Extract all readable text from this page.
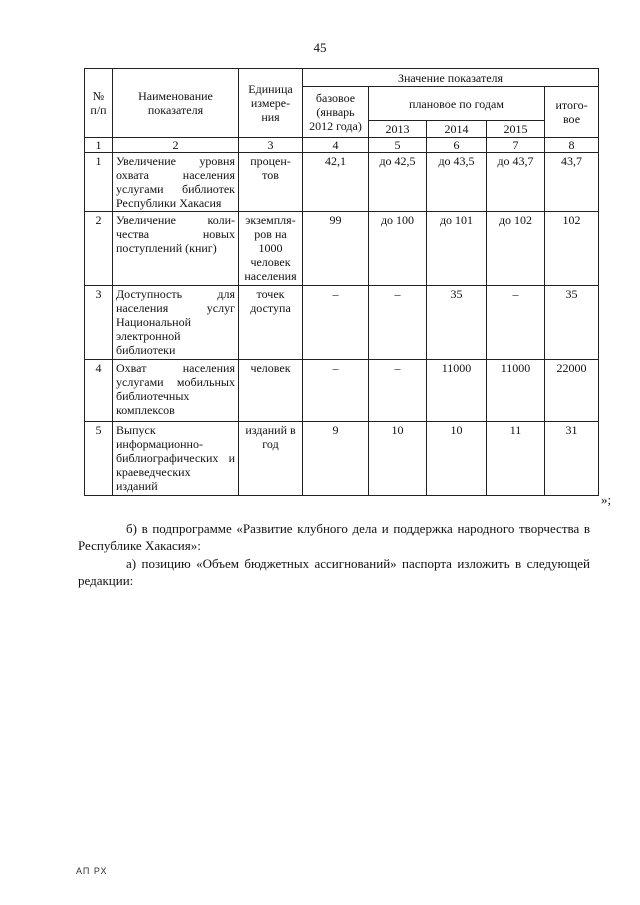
45
№ п/п	Наименование показателя	Единица измере-ния	Значение показателя				
			базовое (январь 2012 года)	плановое по годам			итого-вое
				2013	2014	2015	
1	2	3	4	5	6	7	8
1	Увеличение уровня охвата населения услугами библиотек Республики Хакасия	процен-тов	42,1	до 42,5	до 43,5	до 43,7	43,7
2	Увеличение коли-чества новых поступлений (книг)	экземпля-ров на 1000 человек населения	99	до 100	до 101	до 102	102
3	Доступность для населения услуг Национальной электронной библиотеки	точек доступа	–	–	35	–	35
4	Охват населения услугами мобильных библиотечных комплексов	человек	–	–	11000	11000	22000
5	Выпуск информационно-библиографических и краеведческих изданий	изданий в год	9	10	10	11	31
»;

б) в подпрограмме «Развитие клубного дела и поддержка народного творчества в Республике Хакасия»:

а) позицию «Объем бюджетных ассигнований» паспорта изложить в следующей редакции:

АП РХ
